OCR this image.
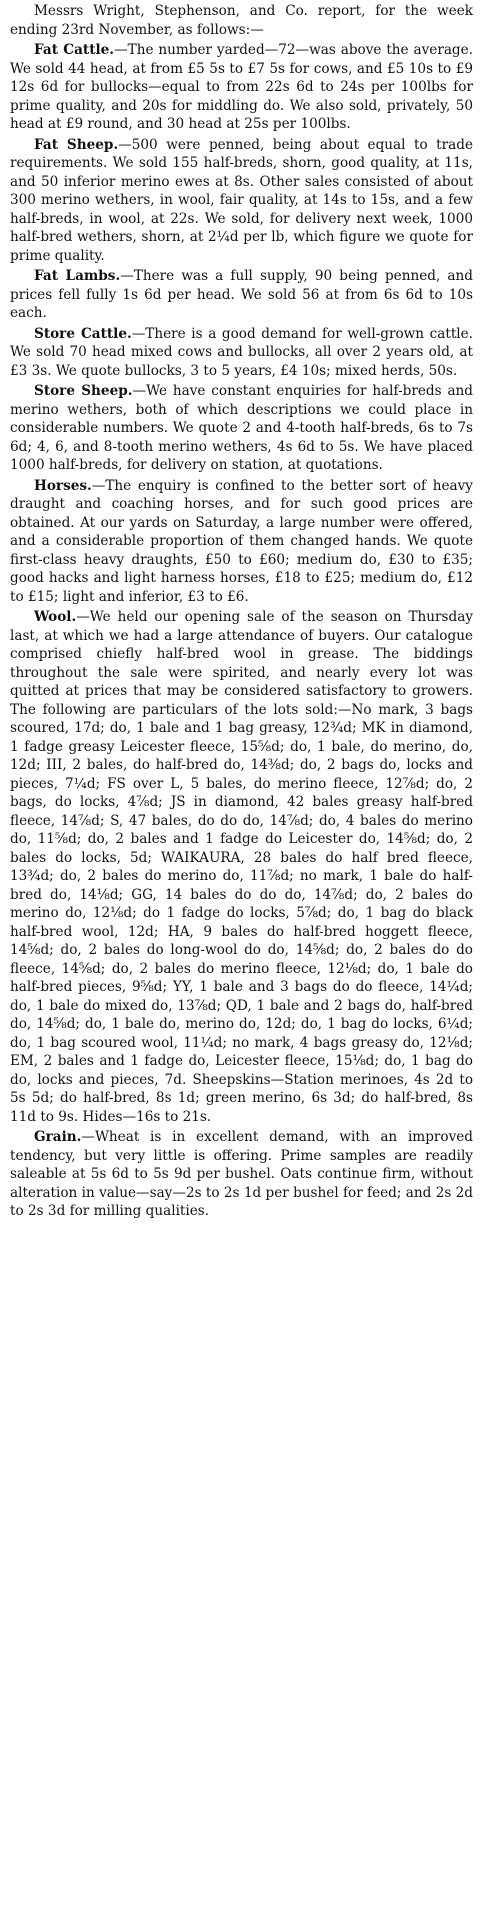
Messrs Wright, Stephenson, and Co. report, for the week ending 23rd November, as follows:—

Fat Cattle.—The number yarded—72—was above the average. We sold 44 head, at from £5 5s to £7 5s for cows, and £5 10s to £9 12s 6d for bullocks—equal to from 22s 6d to 24s per 100lbs for prime quality, and 20s for middling do. We also sold, privately, 50 head at £9 round, and 30 head at 25s per 100lbs.

Fat Sheep.—500 were penned, being about equal to trade requirements. We sold 155 half-breds, shorn, good quality, at 11s, and 50 inferior merino ewes at 8s. Other sales consisted of about 300 merino wethers, in wool, fair quality, at 14s to 15s, and a few half-breds, in wool, at 22s. We sold, for delivery next week, 1000 half-bred wethers, shorn, at 2¼d per lb, which figure we quote for prime quality.

Fat Lambs.—There was a full supply, 90 being penned, and prices fell fully 1s 6d per head. We sold 56 at from 6s 6d to 10s each.

Store Cattle.—There is a good demand for well-grown cattle. We sold 70 head mixed cows and bullocks, all over 2 years old, at £3 3s. We quote bullocks, 3 to 5 years, £4 10s; mixed herds, 50s.

Store Sheep.—We have constant enquiries for half-breds and merino wethers, both of which descriptions we could place in considerable numbers. We quote 2 and 4-tooth half-breds, 6s to 7s 6d; 4, 6, and 8-tooth merino wethers, 4s 6d to 5s. We have placed 1000 half-breds, for delivery on station, at quotations.

Horses.—The enquiry is confined to the better sort of heavy draught and coaching horses, and for such good prices are obtained. At our yards on Saturday, a large number were offered, and a considerable proportion of them changed hands. We quote first-class heavy draughts, £50 to £60; medium do, £30 to £35; good hacks and light harness horses, £18 to £25; medium do, £12 to £15; light and inferior, £3 to £6.

Wool.—We held our opening sale of the season on Thursday last, at which we had a large attendance of buyers. Our catalogue comprised chiefly half-bred wool in grease. The biddings throughout the sale were spirited, and nearly every lot was quitted at prices that may be considered satisfactory to growers. The following are particulars of the lots sold:—No mark, 3 bags scoured, 17d; do, 1 bale and 1 bag greasy, 12¾d; MK in diamond, 1 fadge greasy Leicester fleece, 15⅝d; do, 1 bale, do merino, do, 12d; III, 2 bales, do half-bred do, 14⅜d; do, 2 bags do, locks and pieces, 7¼d; FS over L, 5 bales, do merino fleece, 12⅞d; do, 2 bags, do locks, 4⅞d; JS in diamond, 42 bales greasy half-bred fleece, 14⅞d; S, 47 bales, do do do, 14⅞d; do, 4 bales do merino do, 11⅝d; do, 2 bales and 1 fadge do Leicester do, 14⅝d; do, 2 bales do locks, 5d; WAIKAURA, 28 bales do half bred fleece, 13¾d; do, 2 bales do merino do, 11⅞d; no mark, 1 bale do half-bred do, 14⅛d; GG, 14 bales do do do, 14⅞d; do, 2 bales do merino do, 12⅛d; do 1 fadge do locks, 5⅞d; do, 1 bag do black half-bred wool, 12d; HA, 9 bales do half-bred hoggett fleece, 14⅝d; do, 2 bales do long-wool do do, 14⅝d; do, 2 bales do do fleece, 14⅝d; do, 2 bales do merino fleece, 12⅛d; do, 1 bale do half-bred pieces, 9⅝d; YY, 1 bale and 3 bags do do fleece, 14¼d; do, 1 bale do mixed do, 13⅞d; QD, 1 bale and 2 bags do, half-bred do, 14⅝d; do, 1 bale do, merino do, 12d; do, 1 bag do locks, 6¼d; do, 1 bag scoured wool, 11¼d; no mark, 4 bags greasy do, 12⅛d; EM, 2 bales and 1 fadge do, Leicester fleece, 15⅛d; do, 1 bag do do, locks and pieces, 7d. Sheepskins—Station merinoes, 4s 2d to 5s 5d; do half-bred, 8s 1d; green merino, 6s 3d; do half-bred, 8s 11d to 9s. Hides—16s to 21s.

Grain.—Wheat is in excellent demand, with an improved tendency, but very little is offering. Prime samples are readily saleable at 5s 6d to 5s 9d per bushel. Oats continue firm, without alteration in value—say—2s to 2s 1d per bushel for feed; and 2s 2d to 2s 3d for milling qualities.
